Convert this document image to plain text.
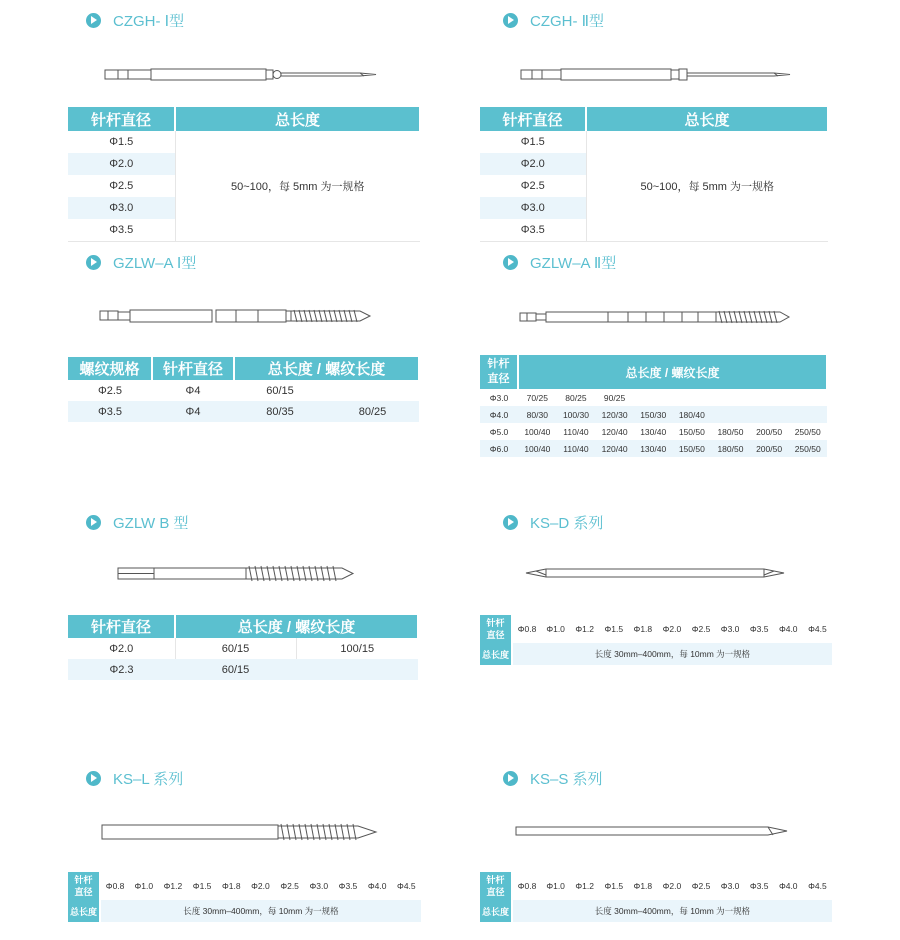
CZGH- Ⅰ型
针杆直径	总长度
Φ1.5	50~100，每 5mm 为一规格
Φ2.0	
Φ2.5	
Φ3.0	
Φ3.5	
CZGH- Ⅱ型
针杆直径	总长度
Φ1.5	50~100，每 5mm 为一规格
Φ2.0	
Φ2.5	
Φ3.0	
Φ3.5	
GZLW–A Ⅰ型
螺纹规格	针杆直径	总长度 / 螺纹长度	
Φ2.5	Φ4	60/15	
Φ3.5	Φ4	80/35	80/25
GZLW–A Ⅱ型
针杆
直径	总长度 / 螺纹长度							
Φ3.0	70/25	80/25	90/25					
Φ4.0	80/30	100/30	120/30	150/30	180/40			
Φ5.0	100/40	110/40	120/40	130/40	150/50	180/50	200/50	250/50
Φ6.0	100/40	110/40	120/40	130/40	150/50	180/50	200/50	250/50
GZLW B 型
针杆直径	总长度 / 螺纹长度	
Φ2.0	60/15	100/15
Φ2.3	60/15	
KS–D 系列
KS–L 系列	KS–S 系列
针杆
直径	Φ0.8	Φ1.0	Φ1.2	Φ1.5	Φ1.8	Φ2.0	Φ2.5	Φ3.0	Φ3.5	Φ4.0	Φ4.5
总长度	长度 30mm–400mm，每 10mm 为一规格										
针杆
直径	Φ0.8	Φ1.0	Φ1.2	Φ1.5	Φ1.8	Φ2.0	Φ2.5	Φ3.0	Φ3.5	Φ4.0	Φ4.5
总长度	长度 30mm–400mm，每 10mm 为一规格										
针杆
直径	Φ0.8	Φ1.0	Φ1.2	Φ1.5	Φ1.8	Φ2.0	Φ2.5	Φ3.0	Φ3.5	Φ4.0	Φ4.5
总长度	长度 30mm–400mm，每 10mm 为一规格										
